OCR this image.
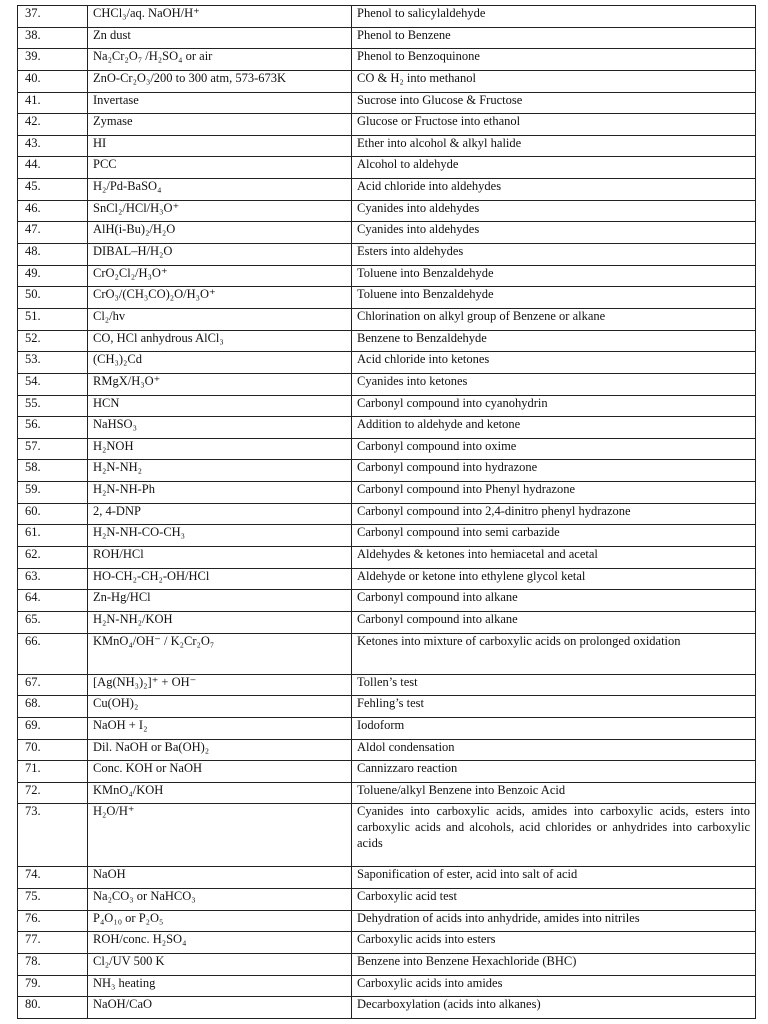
37.	CHCl₃/aq. NaOH/H⁺	Phenol to salicylaldehyde
38.	Zn dust	Phenol to Benzene
39.	Na₂Cr₂O₇ /H₂SO₄ or air	Phenol to Benzoquinone
40.	ZnO-Cr₂O₃/200 to 300 atm, 573-673K	CO & H₂ into methanol
41.	Invertase	Sucrose into Glucose & Fructose
42.	Zymase	Glucose or Fructose into ethanol
43.	HI	Ether into alcohol & alkyl halide
44.	PCC	Alcohol to aldehyde
45.	H₂/Pd-BaSO₄	Acid chloride into aldehydes
46.	SnCl₂/HCl/H₃O⁺	Cyanides into aldehydes
47.	AlH(i-Bu)₂/H₂O	Cyanides into aldehydes
48.	DIBAL–H/H₂O	Esters into aldehydes
49.	CrO₂Cl₂/H₃O⁺	Toluene into Benzaldehyde
50.	CrO₃/(CH₃CO)₂O/H₃O⁺	Toluene into Benzaldehyde
51.	Cl₂/hv	Chlorination on alkyl group of Benzene or alkane
52.	CO, HCl anhydrous AlCl₃	Benzene to Benzaldehyde
53.	(CH₃)₂Cd	Acid chloride into ketones
54.	RMgX/H₃O⁺	Cyanides into ketones
55.	HCN	Carbonyl compound into cyanohydrin
56.	NaHSO₃	Addition to aldehyde and ketone
57.	H₂NOH	Carbonyl compound into oxime
58.	H₂N-NH₂	Carbonyl compound into hydrazone
59.	H₂N-NH-Ph	Carbonyl compound into Phenyl hydrazone
60.	2, 4-DNP	Carbonyl compound into 2,4-dinitro phenyl hydrazone
61.	H₂N-NH-CO-CH₃	Carbonyl compound into semi carbazide
62.	ROH/HCl	Aldehydes & ketones into hemiacetal and acetal
63.	HO-CH₂-CH₂-OH/HCl	Aldehyde or ketone into ethylene glycol ketal
64.	Zn-Hg/HCl	Carbonyl compound into alkane
65.	H₂N-NH₂/KOH	Carbonyl compound into alkane
66.	KMnO₄/OH⁻ / K₂Cr₂O₇	Ketones into mixture of carboxylic acids on prolonged oxidation
67.	[Ag(NH₃)₂]⁺ + OH⁻	Tollen’s test
68.	Cu(OH)₂	Fehling’s test
69.	NaOH + I₂	Iodoform
70.	Dil. NaOH or Ba(OH)₂	Aldol condensation
71.	Conc. KOH or NaOH	Cannizzaro reaction
72.	KMnO₄/KOH	Toluene/alkyl Benzene into Benzoic Acid
73.	H₂O/H⁺	Cyanides into carboxylic acids, amides into carboxylic acids, esters into carboxylic acids and alcohols, acid chlorides or anhydrides into carboxylic acids
74.	NaOH	Saponification of ester, acid into salt of acid
75.	Na₂CO₃ or NaHCO₃	Carboxylic acid test
76.	P₄O₁₀ or P₂O₅	Dehydration of acids into anhydride, amides into nitriles
77.	ROH/conc. H₂SO₄	Carboxylic acids into esters
78.	Cl₂/UV 500 K	Benzene into Benzene Hexachloride (BHC)
79.	NH₃ heating	Carboxylic acids into amides
80.	NaOH/CaO	Decarboxylation (acids into alkanes)
